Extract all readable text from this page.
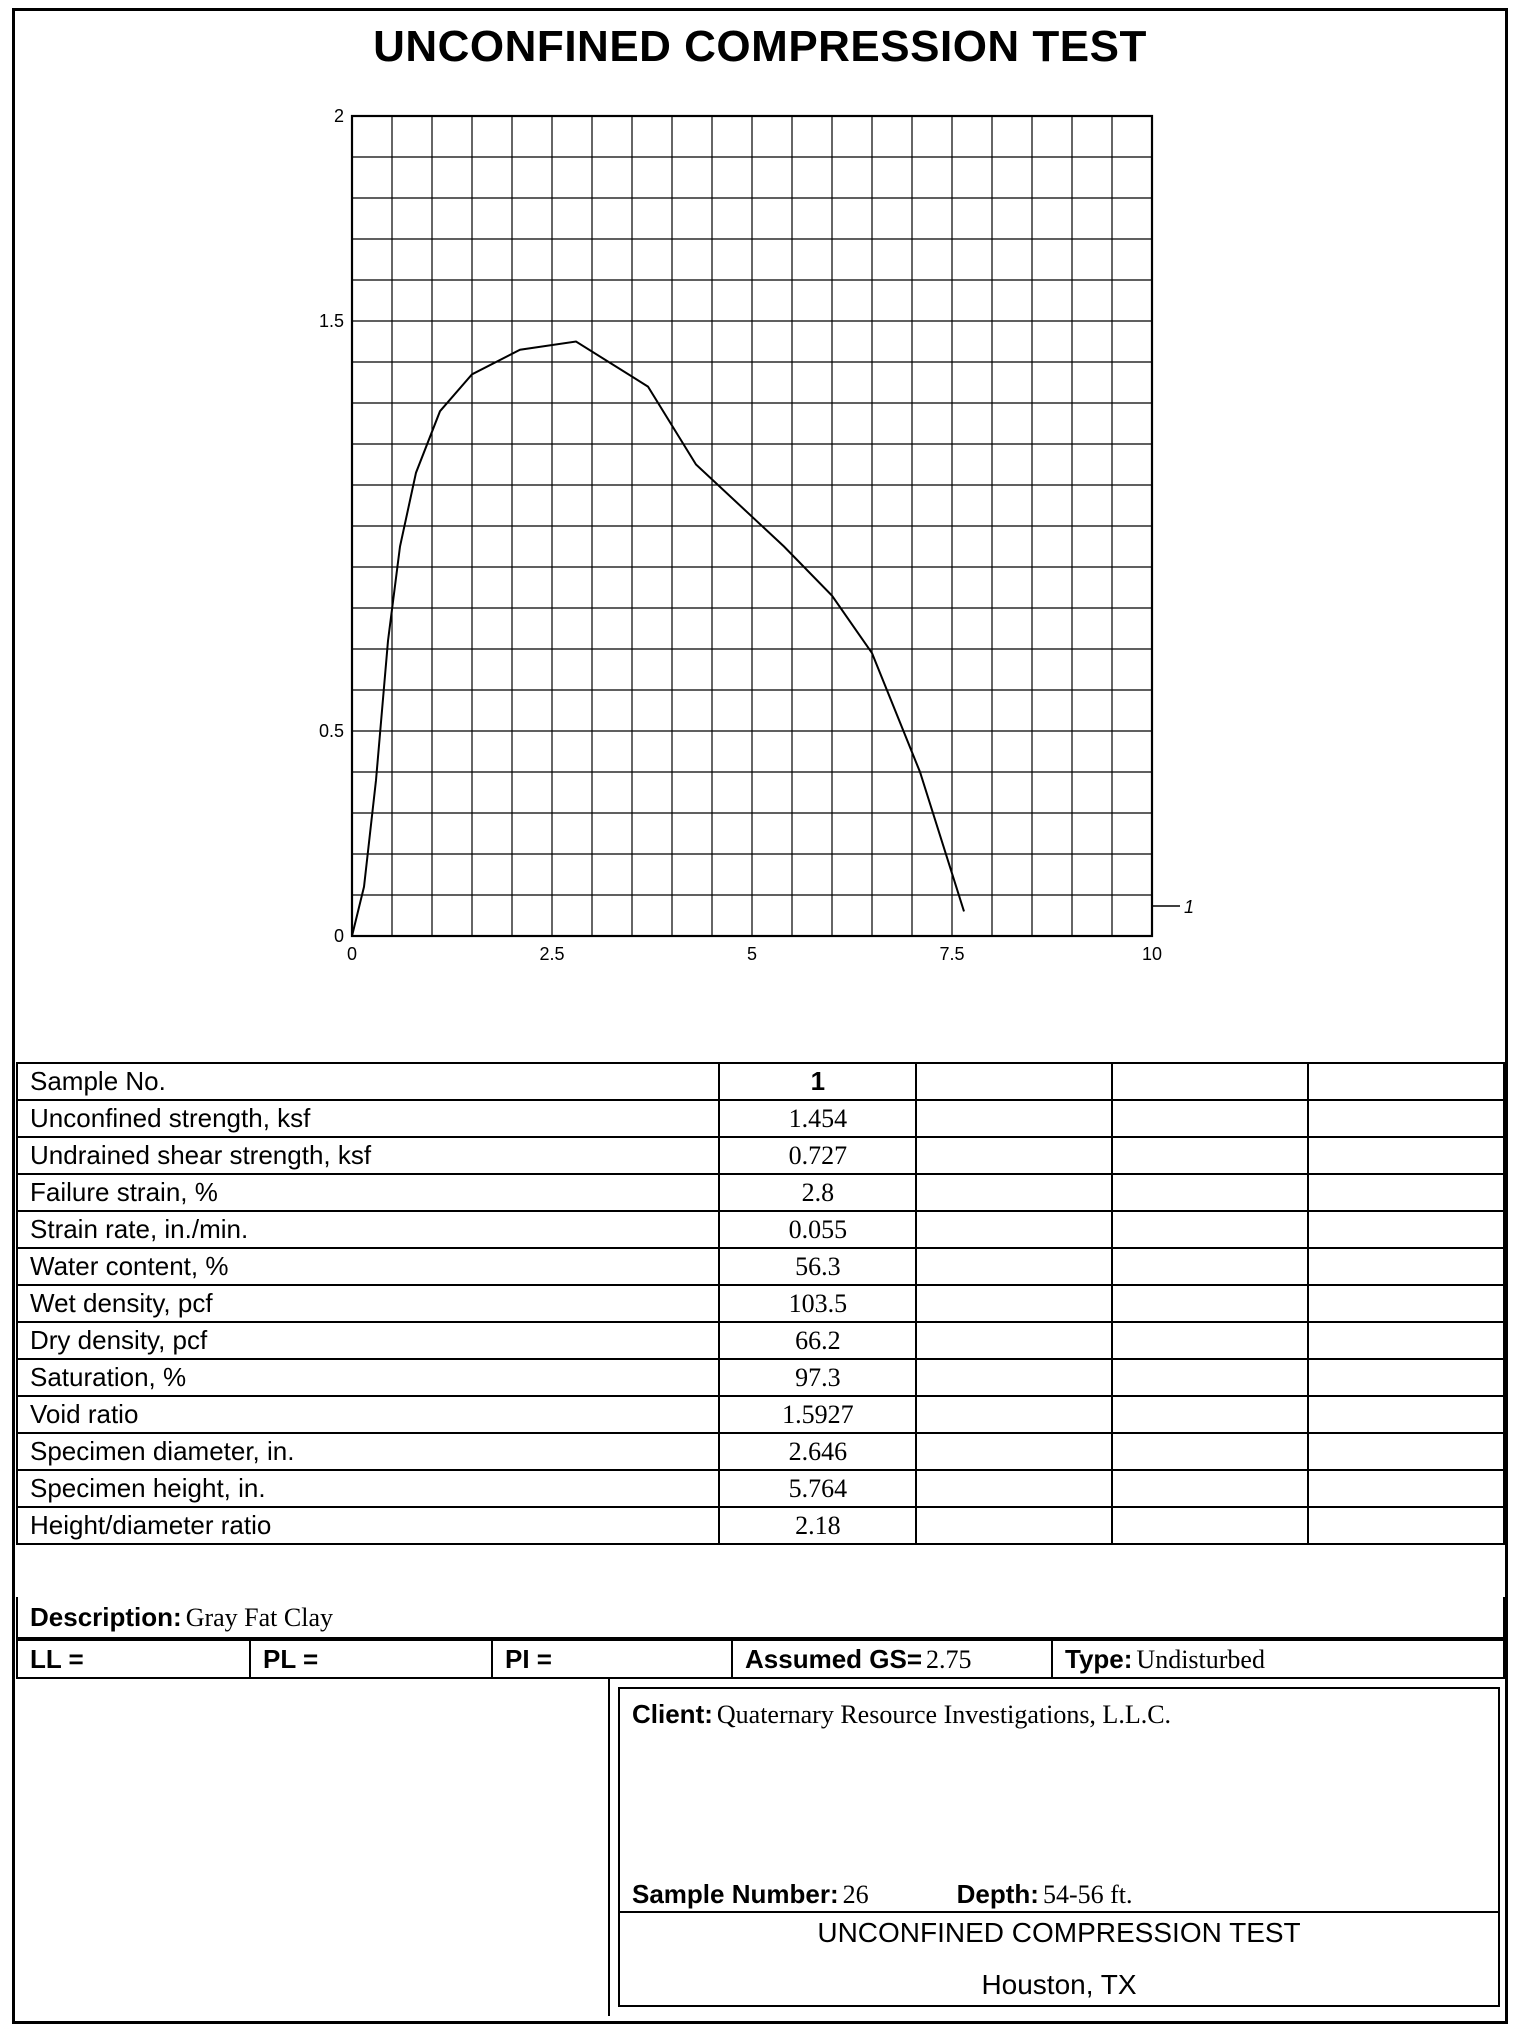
UNCONFINED COMPRESSION TEST
0	2.5	5	7.5	10
0
0.5
1.5
2
1
Sample No.	1			
Unconfined strength, ksf	1.454			
Undrained shear strength, ksf	0.727			
Failure strain, %	2.8			
Strain rate, in./min.	0.055			
Water content, %	56.3			
Wet density, pcf	103.5			
Dry density, pcf	66.2			
Saturation, %	97.3			
Void ratio	1.5927			
Specimen diameter, in.	2.646			
Specimen height, in.	5.764			
Height/diameter ratio	2.18			
Description: Gray Fat Clay
LL =	PL =	PI =	Assumed GS= 2.75	Type: Undisturbed
Client: Quaternary Resource Investigations, L.L.C.
Sample Number: 26	Depth: 54-56 ft.
UNCONFINED COMPRESSION TEST
Houston, TX
